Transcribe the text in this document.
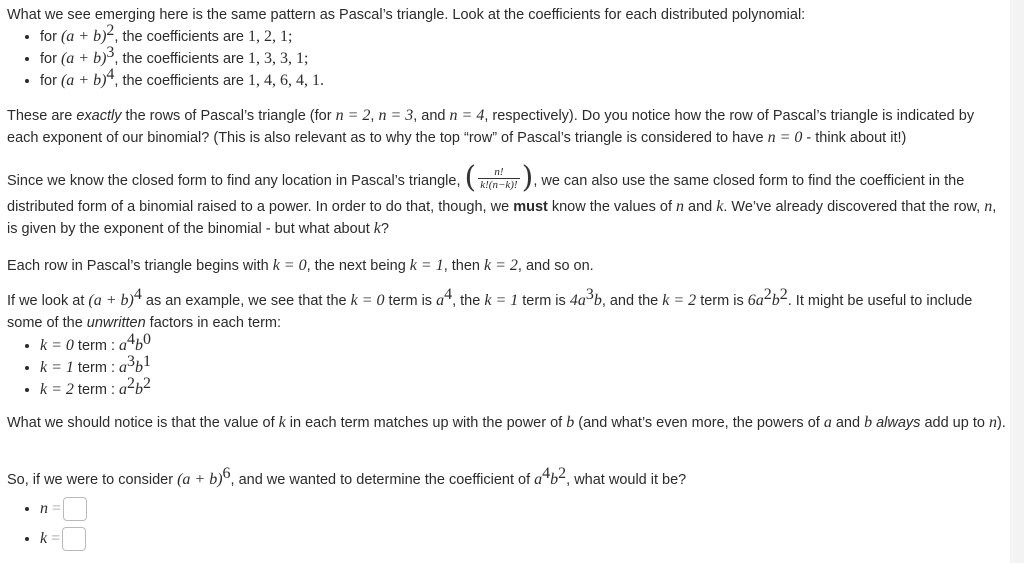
What we see emerging here is the same pattern as Pascal’s triangle. Look at the coefficients for each distributed polynomial:
• for $(a + b)^2$, the coefficients are 1, 2, 1;
• for $(a + b)^3$, the coefficients are 1, 3, 3, 1;
• for $(a + b)^4$, the coefficients are 1, 4, 6, 4, 1.
These are exactly the rows of Pascal’s triangle (for n = 2, n = 3, and n = 4, respectively). Do you notice how the row of Pascal’s triangle is indicated by each exponent of our binomial? (This is also relevant as to why the top “row” of Pascal’s triangle is considered to have n = 0 - think about it!)
Since we know the closed form to find any location in Pascal’s triangle, ( $\frac{n!}{k!(n-k)!}$ ), we can also use the same closed form to find the coefficient in the distributed form of a binomial raised to a power. In order to do that, though, we must know the values of n and k. We’ve already discovered that the row, n, is given by the exponent of the binomial - but what about k?
Each row in Pascal’s triangle begins with k = 0, the next being k = 1, then k = 2, and so on.
If we look at $(a + b)^4$ as an example, we see that the k = 0 term is $a^4$, the k = 1 term is $4a^3b$, and the k = 2 term is $6a^2b^2$. It might be useful to include some of the unwritten factors in each term:
• k = 0 term : $a^4b^0$
• k = 1 term : $a^3b^1$
• k = 2 term : $a^2b^2$
What we should notice is that the value of k in each term matches up with the power of b (and what’s even more, the powers of a and b always add up to n).
So, if we were to consider $(a + b)^6$, and we wanted to determine the coefficient of $a^4b^2$, what would it be?
• n =
• k =
